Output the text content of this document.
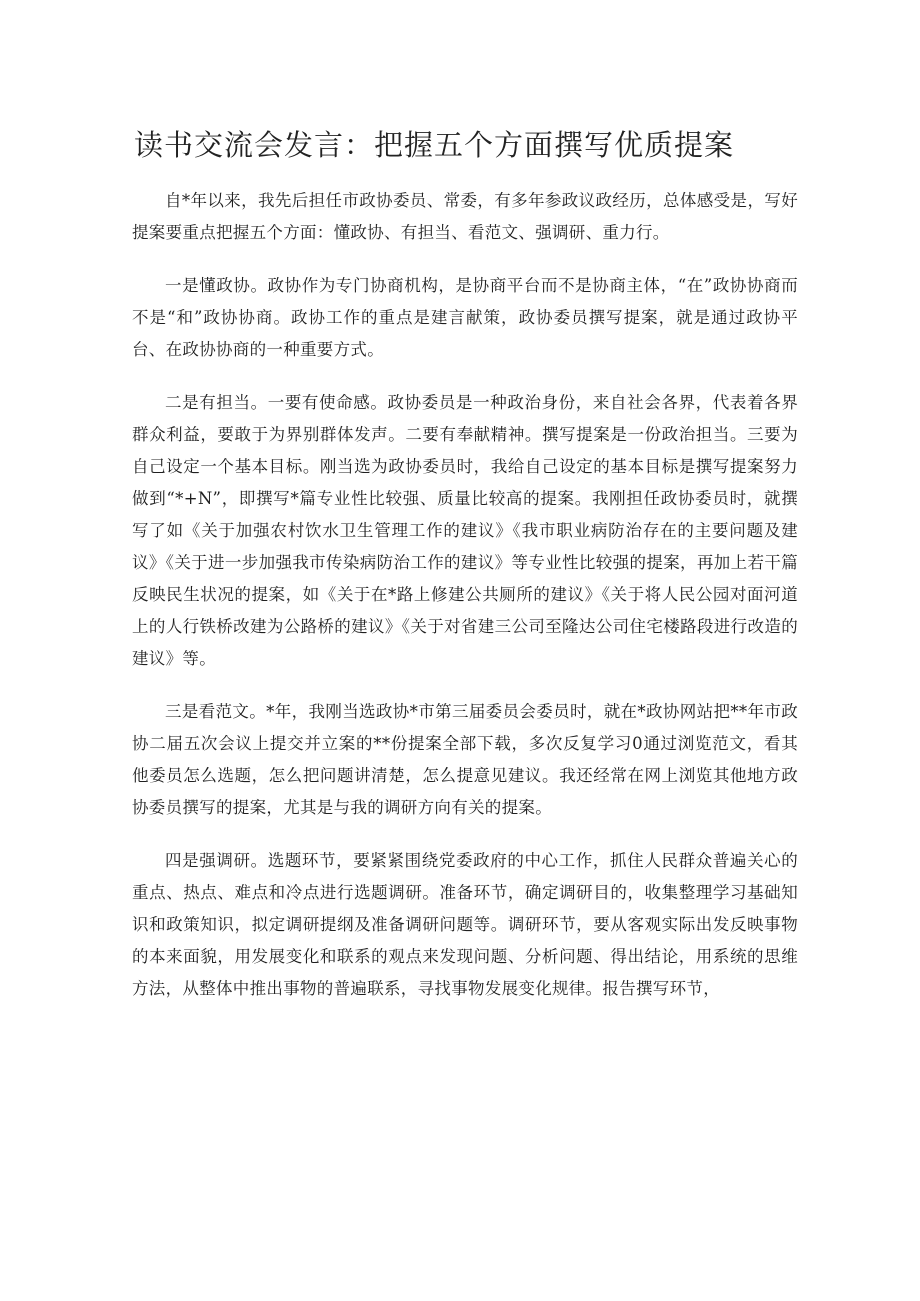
读书交流会发言：把握五个方面撰写优质提案

自*年以来，我先后担任市政协委员、常委，有多年参政议政经历，总体感受是，写好提案要重点把握五个方面：懂政协、有担当、看范文、强调研、重力行。

一是懂政协。政协作为专门协商机构，是协商平台而不是协商主体，“在”政协协商而不是“和”政协协商。政协工作的重点是建言献策，政协委员撰写提案，就是通过政协平台、在政协协商的一种重要方式。

二是有担当。一要有使命感。政协委员是一种政治身份，来自社会各界，代表着各界群众利益，要敢于为界别群体发声。二要有奉献精神。撰写提案是一份政治担当。三要为自己设定一个基本目标。刚当选为政协委员时，我给自己设定的基本目标是撰写提案努力做到“*+N”，即撰写*篇专业性比较强、质量比较高的提案。我刚担任政协委员时，就撰写了如《关于加强农村饮水卫生管理工作的建议》《我市职业病防治存在的主要问题及建议》《关于进一步加强我市传染病防治工作的建议》等专业性比较强的提案，再加上若干篇反映民生状况的提案，如《关于在*路上修建公共厕所的建议》《关于将人民公园对面河道上的人行铁桥改建为公路桥的建议》《关于对省建三公司至隆达公司住宅楼路段进行改造的建议》等。

三是看范文。*年，我刚当选政协*市第三届委员会委员时，就在*政协网站把**年市政协二届五次会议上提交并立案的**份提案全部下载，多次反复学习0通过浏览范文，看其他委员怎么选题，怎么把问题讲清楚，怎么提意见建议。我还经常在网上浏览其他地方政协委员撰写的提案，尤其是与我的调研方向有关的提案。

四是强调研。选题环节，要紧紧围绕党委政府的中心工作，抓住人民群众普遍关心的重点、热点、难点和冷点进行选题调研。准备环节，确定调研目的，收集整理学习基础知识和政策知识，拟定调研提纲及准备调研问题等。调研环节，要从客观实际出发反映事物的本来面貌，用发展变化和联系的观点来发现问题、分析问题、得出结论，用系统的思维方法，从整体中推出事物的普遍联系，寻找事物发展变化规律。报告撰写环节，
